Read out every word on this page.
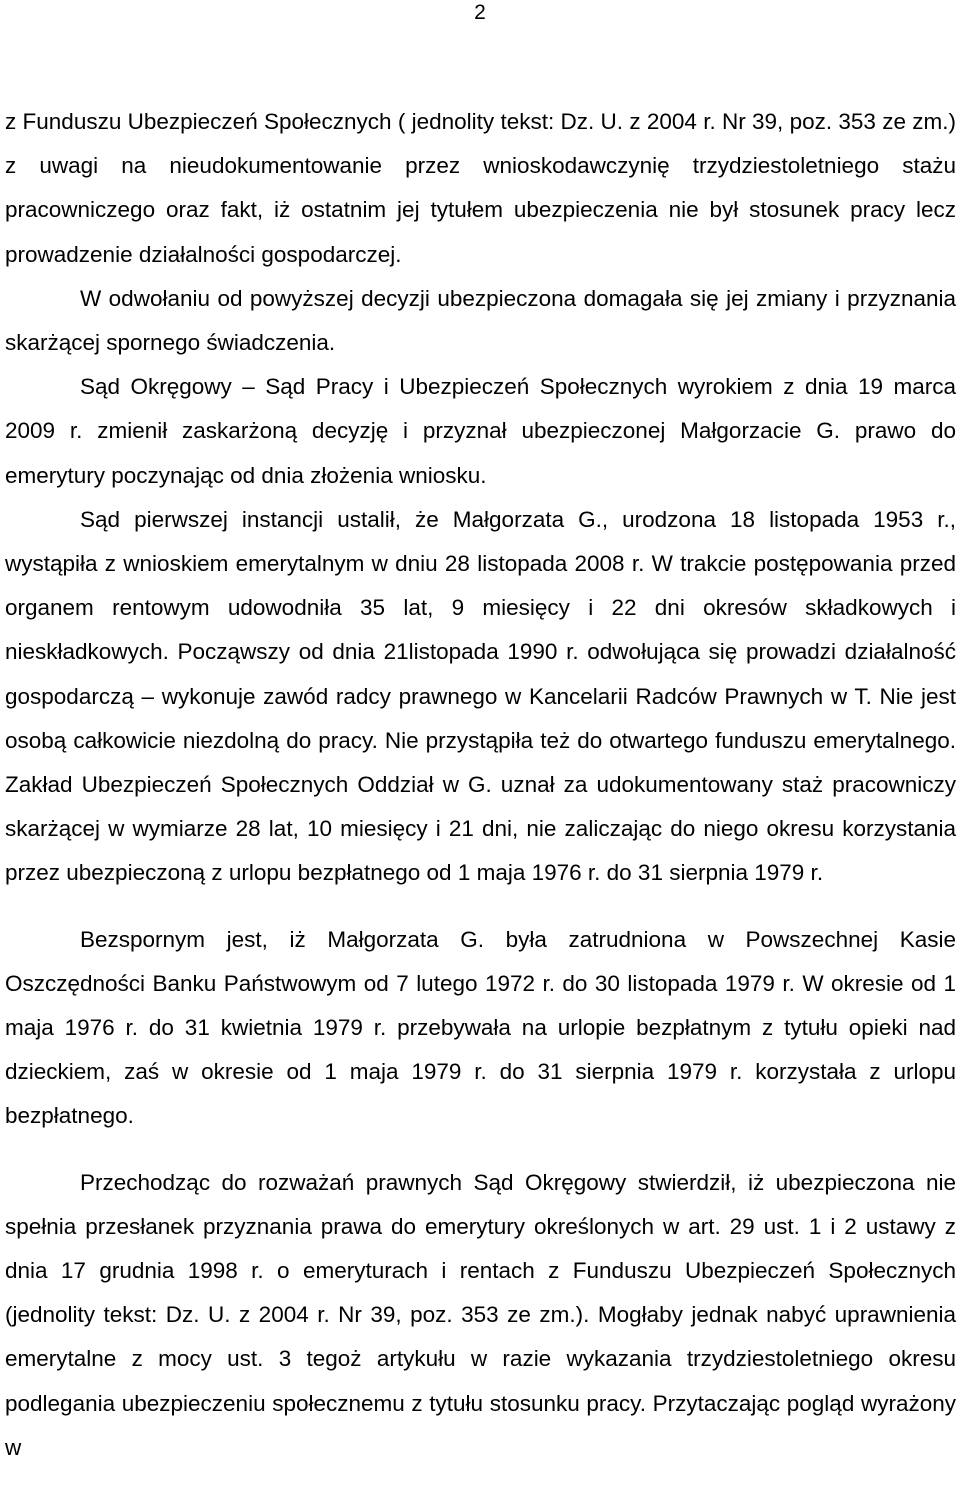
2

z Funduszu Ubezpieczeń Społecznych ( jednolity tekst: Dz. U. z 2004 r. Nr 39, poz. 353 ze zm.) z uwagi na nieudokumentowanie przez wnioskodawczynię trzydziestoletniego stażu pracowniczego oraz fakt, iż ostatnim jej tytułem ubezpieczenia nie był stosunek pracy lecz prowadzenie działalności gospodarczej.

W odwołaniu od powyższej decyzji ubezpieczona domagała się jej zmiany i przyznania skarżącej spornego świadczenia.

Sąd Okręgowy – Sąd Pracy i Ubezpieczeń Społecznych wyrokiem z dnia 19 marca 2009 r. zmienił zaskarżoną decyzję i przyznał ubezpieczonej Małgorzacie G. prawo do emerytury poczynając od dnia złożenia wniosku.

Sąd pierwszej instancji ustalił, że Małgorzata G., urodzona 18 listopada 1953 r., wystąpiła z wnioskiem emerytalnym w dniu 28 listopada 2008 r. W trakcie postępowania przed organem rentowym udowodniła 35 lat, 9 miesięcy i 22 dni okresów składkowych i nieskładkowych. Począwszy od dnia 21listopada 1990 r. odwołująca się prowadzi działalność gospodarczą – wykonuje zawód radcy prawnego w Kancelarii Radców Prawnych w T. Nie jest osobą całkowicie niezdolną do pracy. Nie przystąpiła też do otwartego funduszu emerytalnego. Zakład Ubezpieczeń Społecznych Oddział w G. uznał za udokumentowany staż pracowniczy skarżącej w wymiarze 28 lat, 10 miesięcy i 21 dni, nie zaliczając do niego okresu korzystania przez ubezpieczoną z urlopu bezpłatnego od 1 maja 1976 r. do 31 sierpnia 1979 r.

Bezspornym jest, iż Małgorzata G. była zatrudniona w Powszechnej Kasie Oszczędności Banku Państwowym od 7 lutego 1972 r. do 30 listopada 1979 r. W okresie od 1 maja 1976 r. do 31 kwietnia 1979 r. przebywała na urlopie bezpłatnym z tytułu opieki nad dzieckiem, zaś w okresie od 1 maja 1979 r. do 31 sierpnia 1979 r. korzystała z urlopu bezpłatnego.

Przechodząc do rozważań prawnych Sąd Okręgowy stwierdził, iż ubezpieczona nie spełnia przesłanek przyznania prawa do emerytury określonych w art. 29 ust. 1 i 2 ustawy z dnia 17 grudnia 1998 r. o emeryturach i rentach z Funduszu Ubezpieczeń Społecznych (jednolity tekst: Dz. U. z 2004 r. Nr 39, poz. 353 ze zm.). Mogłaby jednak nabyć uprawnienia emerytalne z mocy ust. 3 tegoż artykułu w razie wykazania trzydziestoletniego okresu podlegania ubezpieczeniu społecznemu z tytułu stosunku pracy. Przytaczając pogląd wyrażony w
